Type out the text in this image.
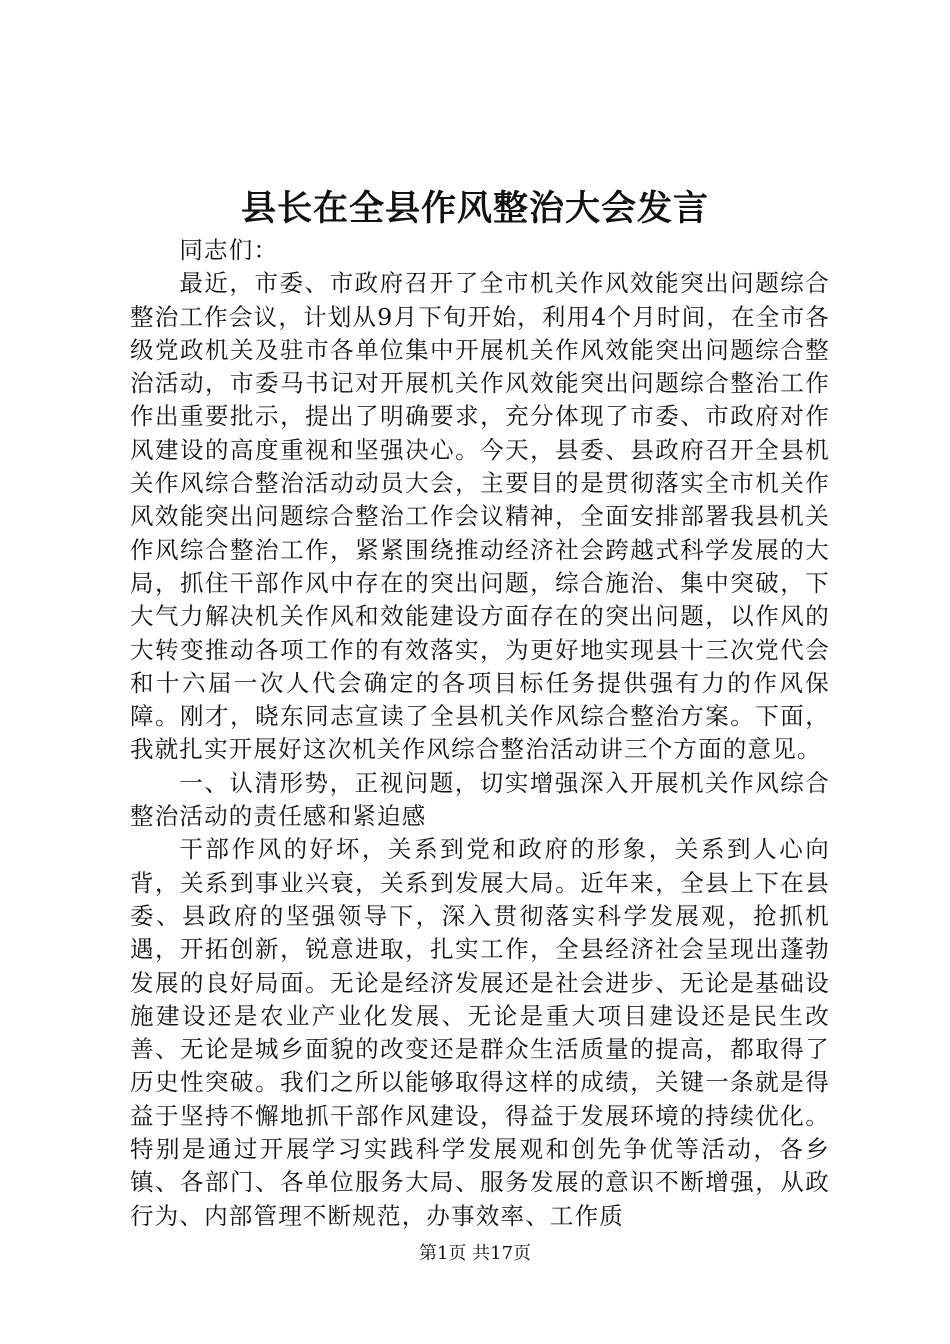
县长在全县作风整治大会发言

同志们：

最近，市委、市政府召开了全市机关作风效能突出问题综合整治工作会议，计划从9月下旬开始，利用4个月时间，在全市各级党政机关及驻市各单位集中开展机关作风效能突出问题综合整治活动，市委马书记对开展机关作风效能突出问题综合整治工作作出重要批示，提出了明确要求，充分体现了市委、市政府对作风建设的高度重视和坚强决心。今天，县委、县政府召开全县机关作风综合整治活动动员大会，主要目的是贯彻落实全市机关作风效能突出问题综合整治工作会议精神，全面安排部署我县机关作风综合整治工作，紧紧围绕推动经济社会跨越式科学发展的大局，抓住干部作风中存在的突出问题，综合施治、集中突破，下大气力解决机关作风和效能建设方面存在的突出问题，以作风的大转变推动各项工作的有效落实，为更好地实现县十三次党代会和十六届一次人代会确定的各项目标任务提供强有力的作风保障。刚才，晓东同志宣读了全县机关作风综合整治方案。下面，我就扎实开展好这次机关作风综合整治活动讲三个方面的意见。

一、认清形势，正视问题，切实增强深入开展机关作风综合整治活动的责任感和紧迫感

干部作风的好坏，关系到党和政府的形象，关系到人心向背，关系到事业兴衰，关系到发展大局。近年来，全县上下在县委、县政府的坚强领导下，深入贯彻落实科学发展观，抢抓机遇，开拓创新，锐意进取，扎实工作，全县经济社会呈现出蓬勃发展的良好局面。无论是经济发展还是社会进步、无论是基础设施建设还是农业产业化发展、无论是重大项目建设还是民生改善、无论是城乡面貌的改变还是群众生活质量的提高，都取得了历史性突破。我们之所以能够取得这样的成绩，关键一条就是得益于坚持不懈地抓干部作风建设，得益于发展环境的持续优化。特别是通过开展学习实践科学发展观和创先争优等活动，各乡镇、各部门、各单位服务大局、服务发展的意识不断增强，从政行为、内部管理不断规范，办事效率、工作质

第1页 共17页
